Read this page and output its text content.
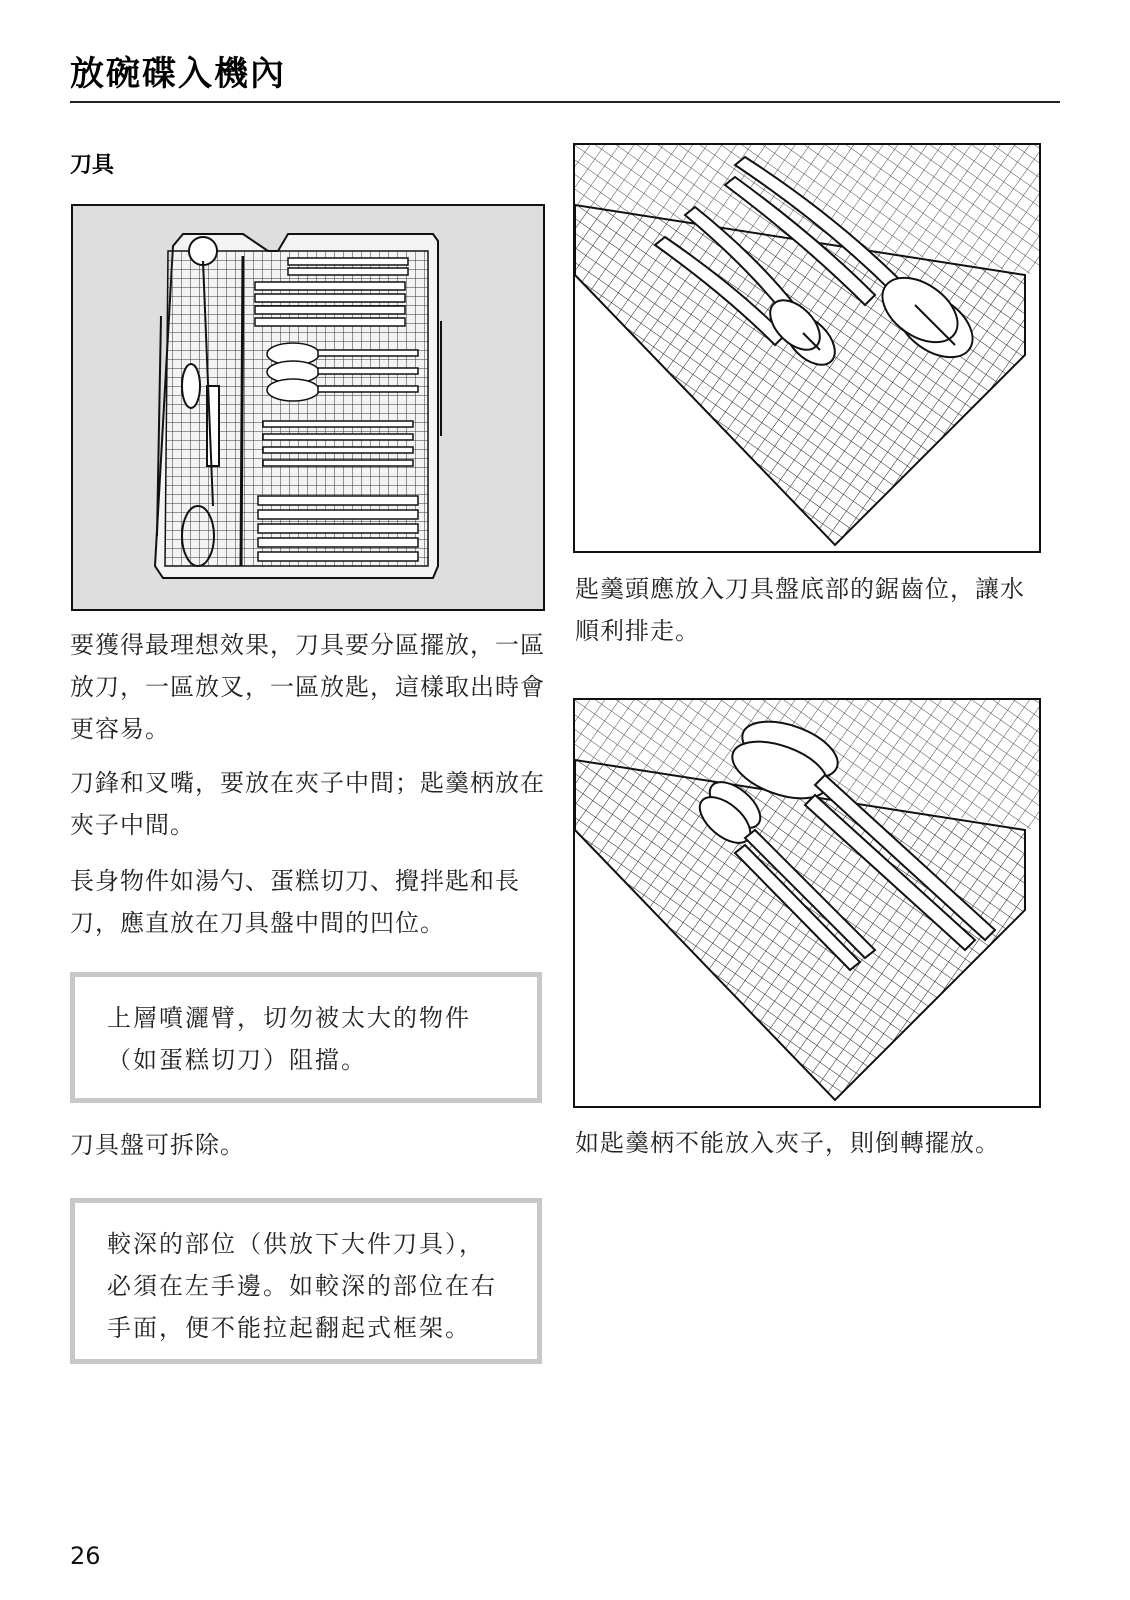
放碗碟入機內
刀具
匙羹頭應放入刀具盤底部的鋸齒位，讓水順利排走。
如匙羹柄不能放入夾子，則倒轉擺放。

要獲得最理想效果，刀具要分區擺放，一區放刀，一區放叉，一區放匙，這樣取出時會更容易。

刀鋒和叉嘴，要放在夾子中間；匙羹柄放在夾子中間。

長身物件如湯勺、蛋糕切刀、攪拌匙和長刀，應直放在刀具盤中間的凹位。

上層噴灑臂，切勿被太大的物件（如蛋糕切刀）阻擋。

刀具盤可拆除。

較深的部位（供放下大件刀具），必須在左手邊。如較深的部位在右手面，便不能拉起翻起式框架。

26
